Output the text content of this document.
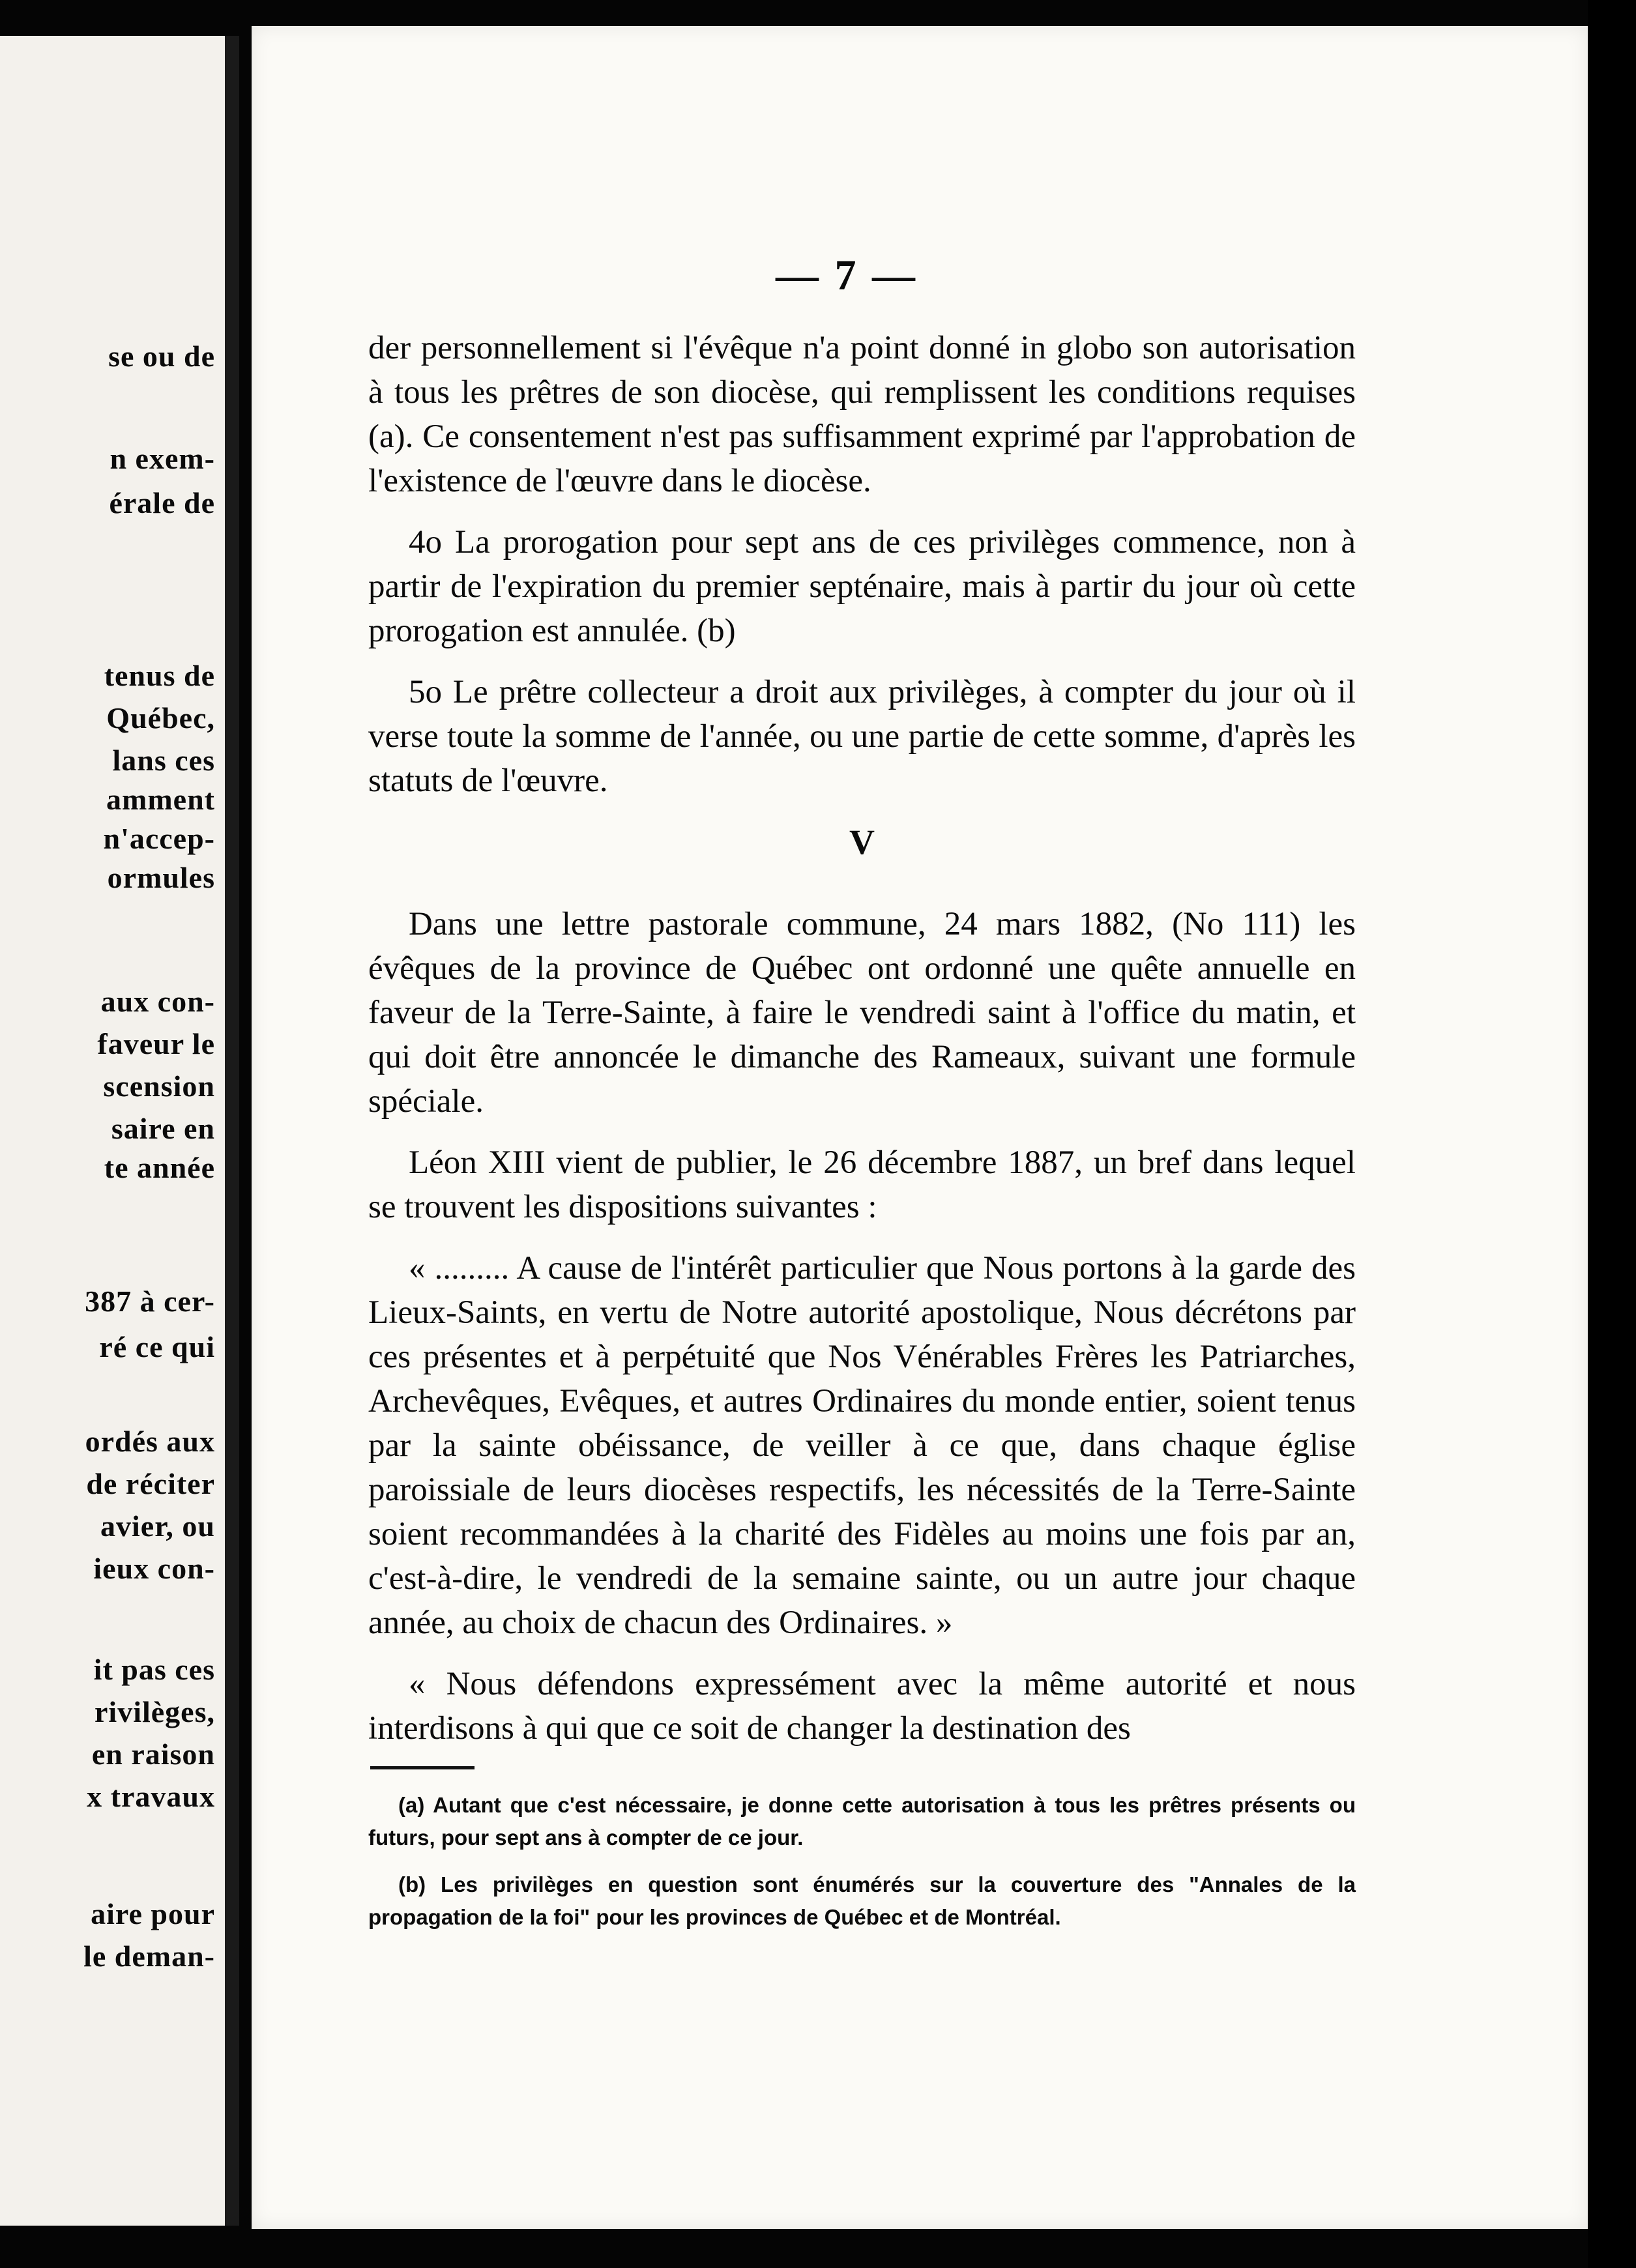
se ou de
n exem-
érale de
tenus de
Québec,
lans ces
amment
n'accep-
ormules
aux con-
faveur le
scension
saire en
te année
387 à cer-
ré ce qui
ordés aux
de réciter
avier, ou
ieux con-
it pas ces
rivilèges,
en raison
x travaux
aire pour
le deman-
— 7 —

der personnellement si l'évêque n'a point donné in globo son autorisation à tous les prêtres de son diocèse, qui remplissent les conditions requises (a). Ce consentement n'est pas suffisamment exprimé par l'approbation de l'existence de l'œuvre dans le diocèse.

4o La prorogation pour sept ans de ces privilèges commence, non à partir de l'expiration du premier septénaire, mais à partir du jour où cette prorogation est annulée. (b)

5o Le prêtre collecteur a droit aux privilèges, à compter du jour où il verse toute la somme de l'année, ou une partie de cette somme, d'après les statuts de l'œuvre.

V

Dans une lettre pastorale commune, 24 mars 1882, (No 111) les évêques de la province de Québec ont ordonné une quête annuelle en faveur de la Terre-Sainte, à faire le vendredi saint à l'office du matin, et qui doit être annoncée le dimanche des Rameaux, suivant une formule spéciale.

Léon XIII vient de publier, le 26 décembre 1887, un bref dans lequel se trouvent les dispositions suivantes :

« ......... A cause de l'intérêt particulier que Nous portons à la garde des Lieux-Saints, en vertu de Notre autorité apostolique, Nous décrétons par ces présentes et à perpétuité que Nos Vénérables Frères les Patriarches, Archevêques, Evêques, et autres Ordinaires du monde entier, soient tenus par la sainte obéissance, de veiller à ce que, dans chaque église paroissiale de leurs diocèses respectifs, les nécessités de la Terre-Sainte soient recommandées à la charité des Fidèles au moins une fois par an, c'est-à-dire, le vendredi de la semaine sainte, ou un autre jour chaque année, au choix de chacun des Ordinaires. »

« Nous défendons expressément avec la même autorité et nous interdisons à qui que ce soit de changer la destination des

(a) Autant que c'est nécessaire, je donne cette autorisation à tous les prêtres présents ou futurs, pour sept ans à compter de ce jour.

(b) Les privilèges en question sont énumérés sur la couverture des "Annales de la propagation de la foi" pour les provinces de Québec et de Montréal.
